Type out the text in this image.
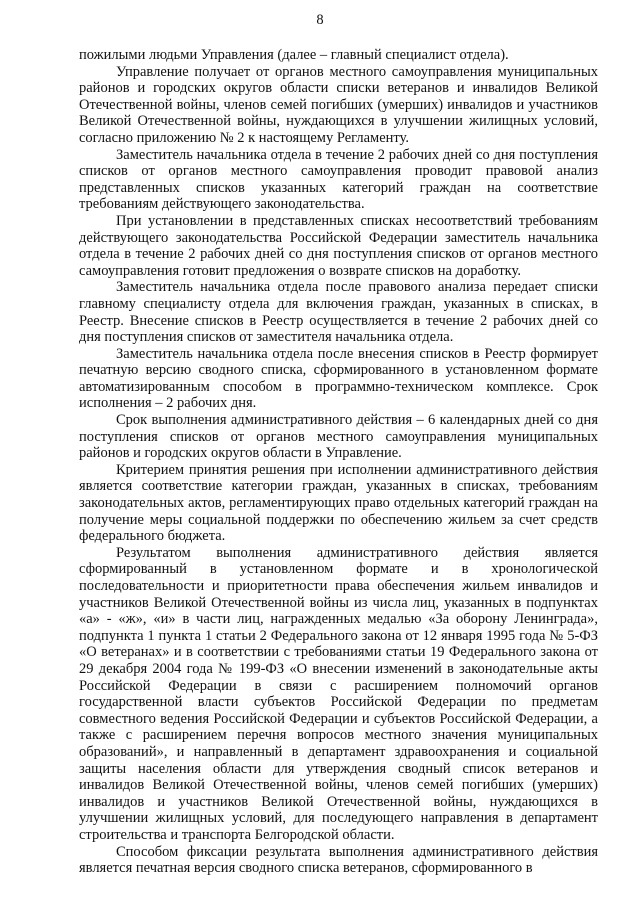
8

пожилыми людьми Управления (далее – главный специалист отдела).

Управление получает от органов местного самоуправления муниципальных районов и городских округов области списки ветеранов и инвалидов Великой Отечественной войны, членов семей погибших (умерших) инвалидов и участников Великой Отечественной войны, нуждающихся в улучшении жилищных условий, согласно приложению № 2 к настоящему Регламенту.

Заместитель начальника отдела в течение 2 рабочих дней со дня поступления списков от органов местного самоуправления проводит правовой анализ представленных списков указанных категорий граждан на соответствие требованиям действующего законодательства.

При установлении в представленных списках несоответствий требованиям действующего законодательства Российской Федерации заместитель начальника отдела в течение 2 рабочих дней со дня поступления списков от органов местного самоуправления готовит предложения о возврате списков на доработку.

Заместитель начальника отдела после правового анализа передает списки главному специалисту отдела для включения граждан, указанных в списках, в Реестр. Внесение списков в Реестр осуществляется в течение 2 рабочих дней со дня поступления списков от заместителя начальника отдела.

Заместитель начальника отдела после внесения списков в Реестр формирует печатную версию сводного списка, сформированного в установленном формате автоматизированным способом в программно-техническом комплексе. Срок исполнения – 2 рабочих дня.

Срок выполнения административного действия – 6 календарных дней со дня поступления списков от органов местного самоуправления муниципальных районов и городских округов области в Управление.

Критерием принятия решения при исполнении административного действия является соответствие категории граждан, указанных в списках, требованиям законодательных актов, регламентирующих право отдельных категорий граждан на получение меры социальной поддержки по обеспечению жильем за счет средств федерального бюджета.

Результатом выполнения административного действия является сформированный в установленном формате и в хронологической последовательности и приоритетности права обеспечения жильем инвалидов и участников Великой Отечественной войны из числа лиц, указанных в подпунктах «а» - «ж», «и» в части лиц, награжденных медалью «За оборону Ленинграда», подпункта 1 пункта 1 статьи 2 Федерального закона от 12 января 1995 года № 5-ФЗ «О ветеранах» и в соответствии с требованиями статьи 19 Федерального закона от 29 декабря 2004 года № 199-ФЗ «О внесении изменений в законодательные акты Российской Федерации в связи с расширением полномочий органов государственной власти субъектов Российской Федерации по предметам совместного ведения Российской Федерации и субъектов Российской Федерации, а также с расширением перечня вопросов местного значения муниципальных образований», и направленный в департамент здравоохранения и социальной защиты населения области для утверждения сводный список ветеранов и инвалидов Великой Отечественной войны, членов семей погибших (умерших) инвалидов и участников Великой Отечественной войны, нуждающихся в улучшении жилищных условий, для последующего направления в департамент строительства и транспорта Белгородской области.

Способом фиксации результата выполнения административного действия является печатная версия сводного списка ветеранов, сформированного в
